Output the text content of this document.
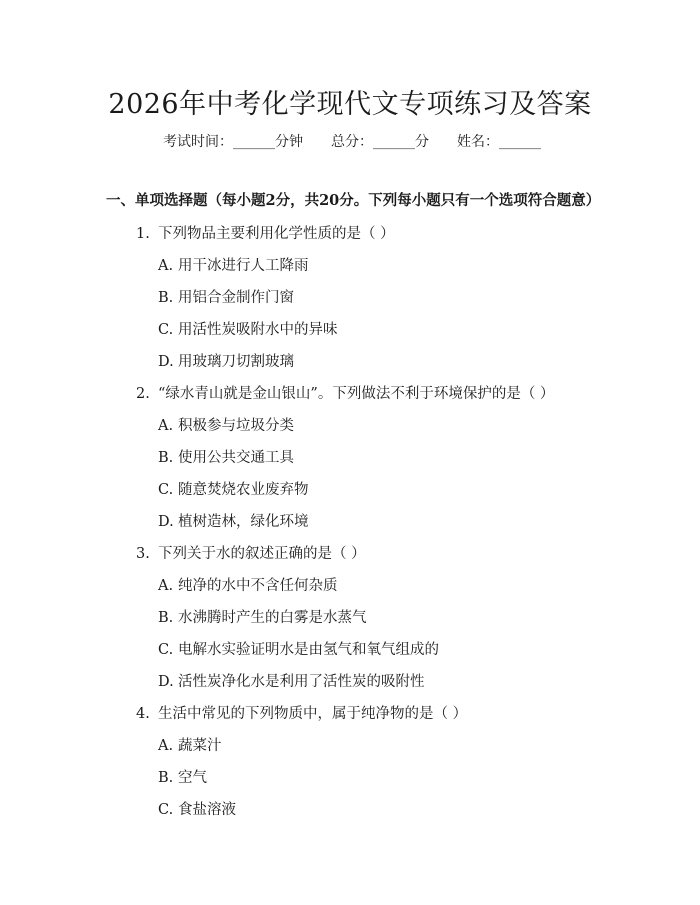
2026年中考化学现代文专项练习及答案
考试时间：______分钟 总分：______分 姓名：______
一、单项选择题（每小题2分，共20分。下列每小题只有一个选项符合题意）
1. 下列物品主要利用化学性质的是（ ）
A. 用干冰进行人工降雨
B. 用铝合金制作门窗
C. 用活性炭吸附水中的异味
D. 用玻璃刀切割玻璃
2. “绿水青山就是金山银山”。下列做法不利于环境保护的是（ ）
A. 积极参与垃圾分类
B. 使用公共交通工具
C. 随意焚烧农业废弃物
D. 植树造林，绿化环境
3. 下列关于水的叙述正确的是（ ）
A. 纯净的水中不含任何杂质
B. 水沸腾时产生的白雾是水蒸气
C. 电解水实验证明水是由氢气和氧气组成的
D. 活性炭净化水是利用了活性炭的吸附性
4. 生活中常见的下列物质中，属于纯净物的是（ ）
A. 蔬菜汁
B. 空气
C. 食盐溶液
